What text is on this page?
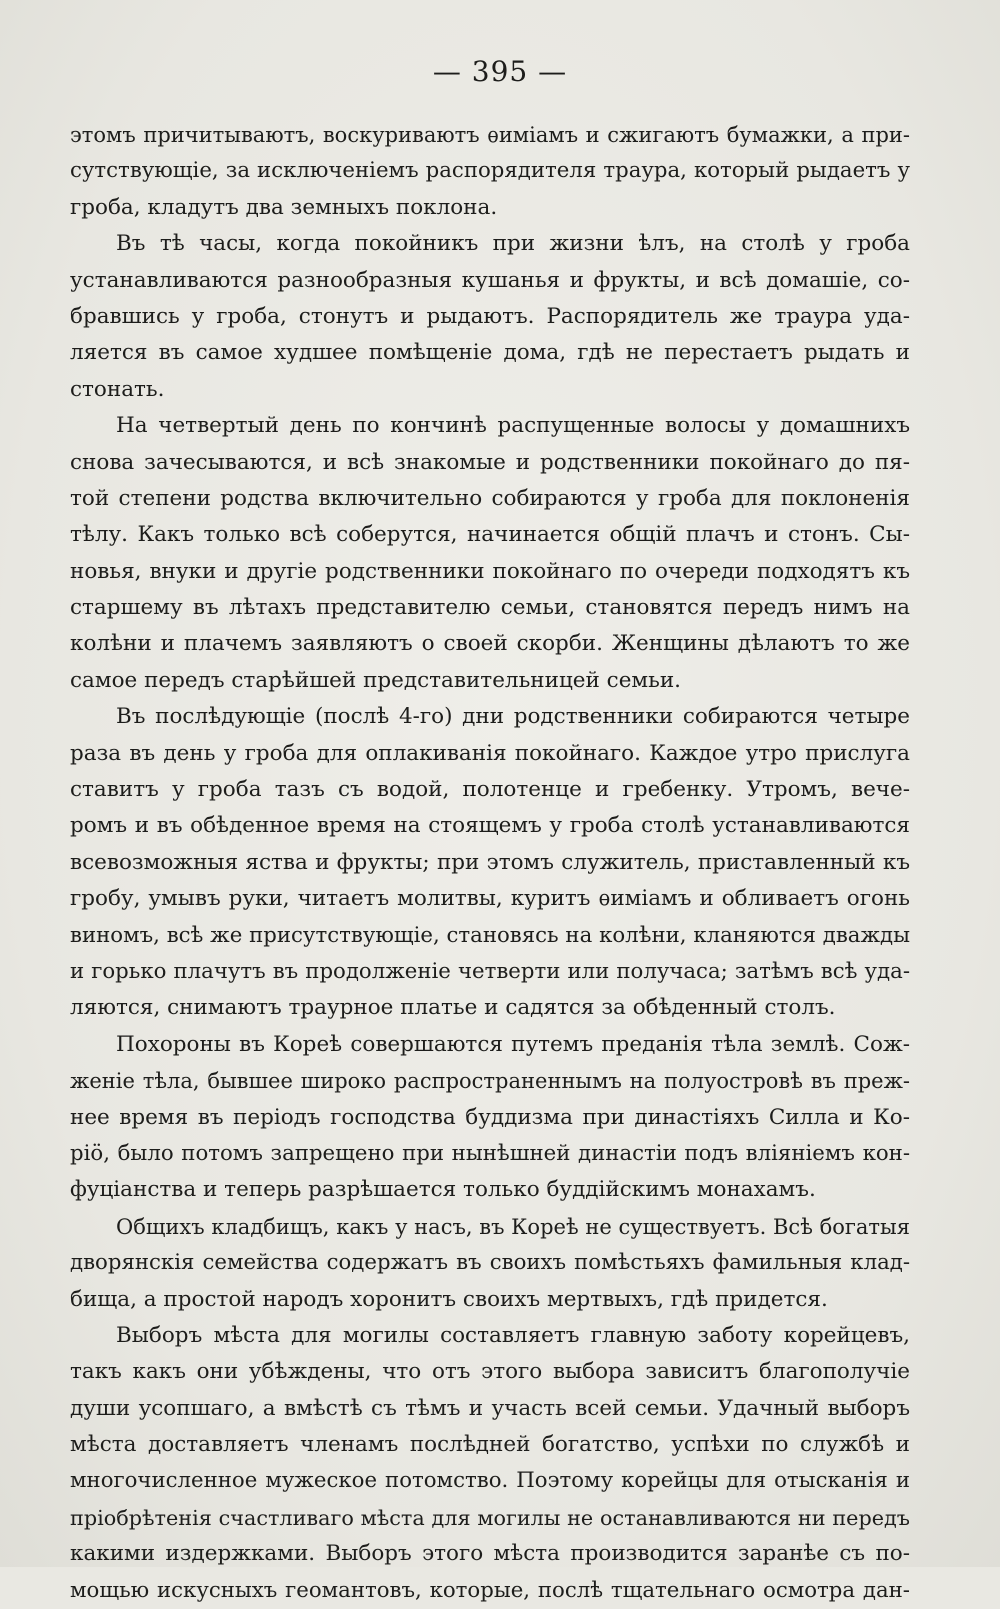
— 395 —
этомъ причитываютъ, воскуриваютъ ѳиміамъ и сжигаютъ бумажки, а при-
сутствующіе, за исключеніемъ распорядителя траура, который рыдаетъ у
гроба, кладутъ два земныхъ поклона.
Въ тѣ часы, когда покойникъ при жизни ѣлъ, на столѣ у гроба
устанавливаются разнообразныя кушанья и фрукты, и всѣ домашіе, со-
бравшись у гроба, стонутъ и рыдаютъ. Распорядитель же траура уда-
ляется въ самое худшее помѣщеніе дома, гдѣ не перестаетъ рыдать и
стонать.
На четвертый день по кончинѣ распущенные волосы у домашнихъ
снова зачесываются, и всѣ знакомые и родственники покойнаго до пя-
той степени родства включительно собираются у гроба для поклоненія
тѣлу. Какъ только всѣ соберутся, начинается общій плачъ и стонъ. Сы-
новья, внуки и другіе родственники покойнаго по очереди подходятъ къ
старшему въ лѣтахъ представителю семьи, становятся передъ нимъ на
колѣни и плачемъ заявляютъ о своей скорби. Женщины дѣлаютъ то же
самое передъ старѣйшей представительницей семьи.
Въ послѣдующіе (послѣ 4-го) дни родственники собираются четыре
раза въ день у гроба для оплакиванія покойнаго. Каждое утро прислуга
ставитъ у гроба тазъ съ водой, полотенце и гребенку. Утромъ, вече-
ромъ и въ обѣденное время на стоящемъ у гроба столѣ устанавливаются
всевозможныя яства и фрукты; при этомъ служитель, приставленный къ
гробу, умывъ руки, читаетъ молитвы, куритъ ѳиміамъ и обливаетъ огонь
виномъ, всѣ же присутствующіе, становясь на колѣни, кланяются дважды
и горько плачутъ въ продолженіе четверти или получаса; затѣмъ всѣ уда-
ляются, снимаютъ траурное платье и садятся за обѣденный столъ.
Похороны въ Кореѣ совершаются путемъ преданія тѣла землѣ. Сож-
женіе тѣла, бывшее широко распространеннымъ на полуостровѣ въ преж-
нее время въ періодъ господства буддизма при династіяхъ Силла и Ко-
ріö, было потомъ запрещено при нынѣшней династіи подъ вліяніемъ кон-
фуціанства и теперь разрѣшается только буддійскимъ монахамъ.
Общихъ кладбищъ, какъ у насъ, въ Кореѣ не существуетъ. Всѣ богатыя
дворянскія семейства содержатъ въ своихъ помѣстьяхъ фамильныя клад-
бища, а простой народъ хоронитъ своихъ мертвыхъ, гдѣ придется.
Выборъ мѣста для могилы составляетъ главную заботу корейцевъ,
такъ какъ они убѣждены, что отъ этого выбора зависитъ благополучіе
души усопшаго, а вмѣстѣ съ тѣмъ и участь всей семьи. Удачный выборъ
мѣста доставляетъ членамъ послѣдней богатство, успѣхи по службѣ и
многочисленное мужеское потомство. Поэтому корейцы для отысканія и
пріобрѣтенія счастливаго мѣста для могилы не останавливаются ни передъ
какими издержками. Выборъ этого мѣста производится заранѣе съ по-
мощью искусныхъ геомантовъ, которые, послѣ тщательнаго осмотра дан-
